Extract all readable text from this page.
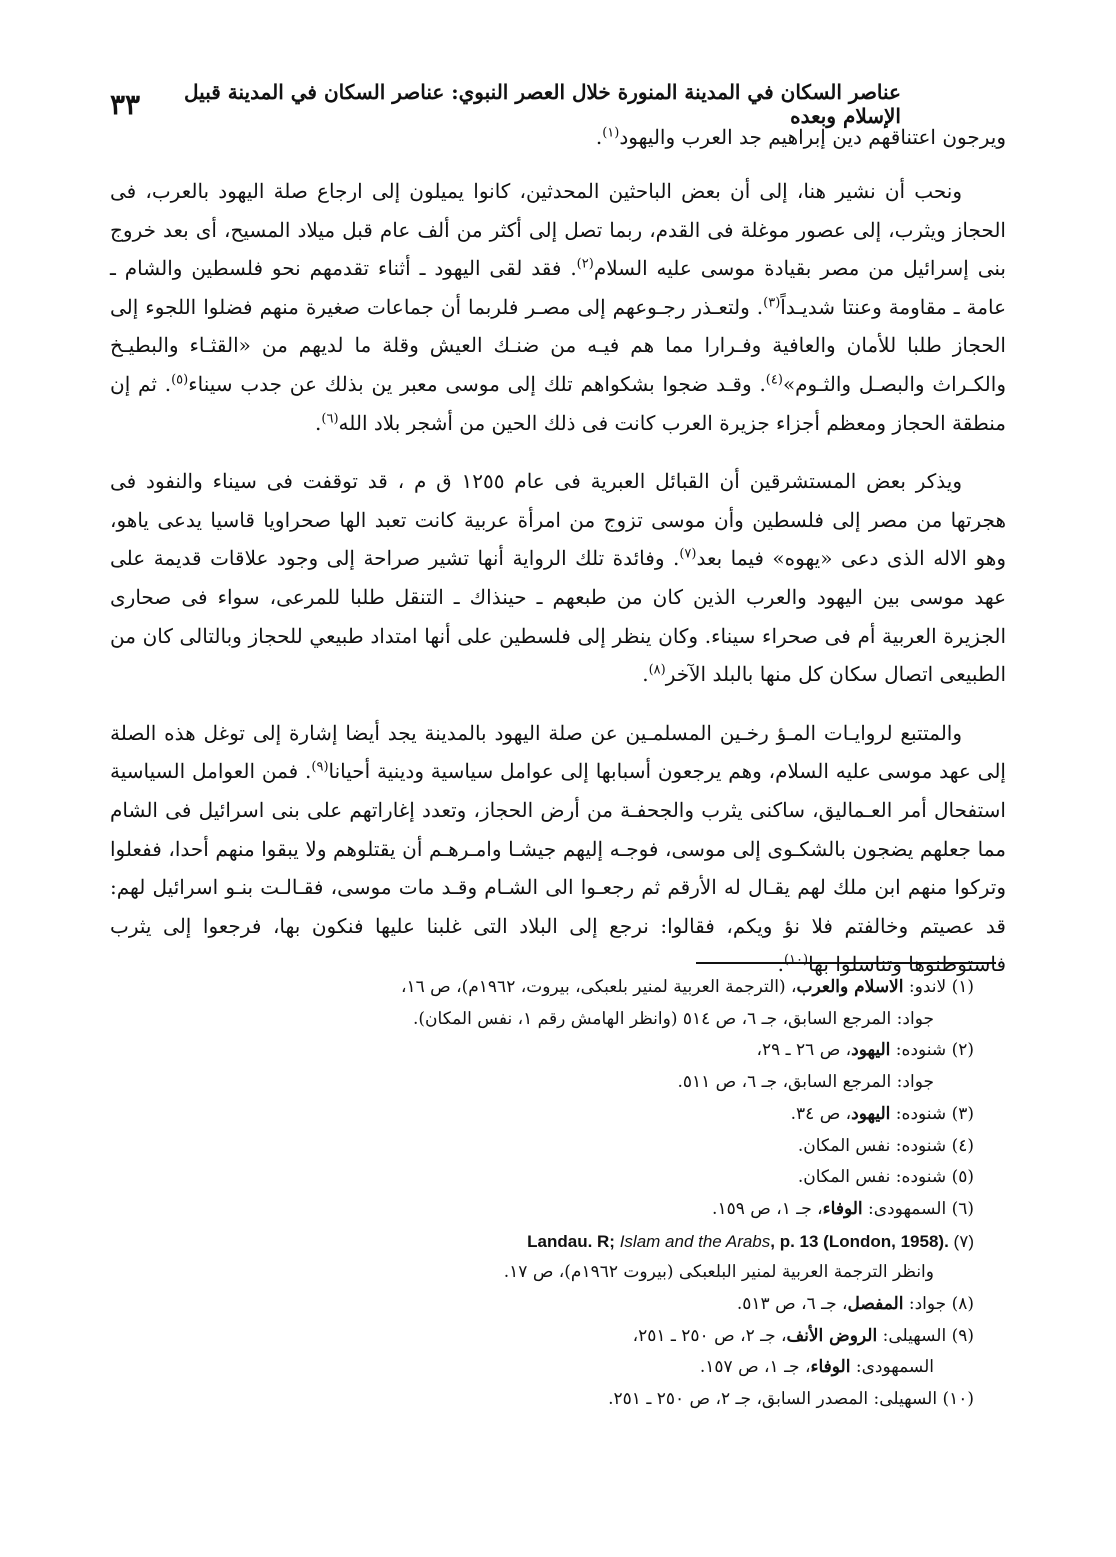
عناصر السكان في المدينة المنورة خلال العصر النبوي: عناصر السكان في المدينة قبيل الإسلام وبعده
٣٣
ويرجون اعتناقهم دين إبراهيم جد العرب واليهود$^{(١)}$.

ونحب أن نشير هنا، إلى أن بعض الباحثين المحدثين، كانوا يميلون إلى ارجاع صلة اليهود بالعرب، فى الحجاز ويثرب، إلى عصور موغلة فى القدم، ربما تصل إلى أكثر من ألف عام قبل ميلاد المسيح، أى بعد خروج بنى إسرائيل من مصر بقيادة موسى عليه السلام$^{(٢)}$. فقد لقى اليهود ـ أثناء تقدمهم نحو فلسطين والشام ـ عامة ـ مقاومة وعنتا شديـداً$^{(٣)}$. ولتعـذر رجـوعهم إلى مصـر فلربما أن جماعات صغيرة منهم فضلوا اللجوء إلى الحجاز طلبا للأمان والعافية وفـرارا مما هم فيـه من ضنـك العيش وقلة ما لديهم من «القثـاء والبطيـخ والكـراث والبصـل والثـوم»$^{(٤)}$. وقـد ضجوا بشكواهم تلك إلى موسى معبر ين بذلك عن جدب سيناء$^{(٥)}$. ثم إن منطقة الحجاز ومعظم أجزاء جزيرة العرب كانت فى ذلك الحين من أشجر بلاد الله$^{(٦)}$.

ويذكر بعض المستشرقين أن القبائل العبرية فى عام ١٢٥٥ ق م ، قد توقفت فى سيناء والنفود فى هجرتها من مصر إلى فلسطين وأن موسى تزوج من امرأة عربية كانت تعبد الها صحراويا قاسيا يدعى ياهو، وهو الاله الذى دعى «يهوه» فيما بعد$^{(٧)}$. وفائدة تلك الرواية أنها تشير صراحة إلى وجود علاقات قديمة على عهد موسى بين اليهود والعرب الذين كان من طبعهم ـ حينذاك ـ التنقل طلبا للمرعى، سواء فى صحارى الجزيرة العربية أم فى صحراء سيناء. وكان ينظر إلى فلسطين على أنها امتداد طبيعي للحجاز وبالتالى كان من الطبيعى اتصال سكان كل منها بالبلد الآخر$^{(٨)}$.

والمتتبع لروايـات المـؤ رخـين المسلمـين عن صلة اليهود بالمدينة يجد أيضا إشارة إلى توغل هذه الصلة إلى عهد موسى عليه السلام، وهم يرجعون أسبابها إلى عوامل سياسية ودينية أحيانا$^{(٩)}$. فمن العوامل السياسية استفحال أمر العـماليق، ساكنى يثرب والجحفـة من أرض الحجاز، وتعدد إغاراتهم على بنى اسرائيل فى الشام مما جعلهم يضجون بالشكـوى إلى موسى، فوجـه إليهم جيشـا وامـرهـم أن يقتلوهم ولا يبقوا منهم أحدا، ففعلوا وتركوا منهم ابن ملك لهم يقـال له الأرقم ثم رجعـوا الى الشـام وقـد مات موسى، فقـالـت بنـو اسرائيل لهم: قد عصيتم وخالفتم فلا نؤ ويكم، فقالوا: نرجع إلى البلاد التى غلبنا عليها فنكون بها، فرجعوا إلى يثرب فاستوطنوها وتناسلوا بها$^{(١٠)}$.

(١) لاندو: الاسلام والعرب، (الترجمة العربية لمنير بلعبكى، بيروت، ١٩٦٢م)، ص ١٦،
جواد: المرجع السابق، جـ ٦، ص ٥١٤ (وانظر الهامش رقم ١، نفس المكان).
(٢) شنوده: اليهود، ص ٢٦ ـ ٢٩،
جواد: المرجع السابق، جـ ٦، ص ٥١١.
(٣) شنوده: اليهود، ص ٣٤.
(٤) شنوده: نفس المكان.
(٥) شنوده: نفس المكان.
(٦) السمهودى: الوفاء، جـ ١، ص ١٥٩.
Landau. R; Islam and the Arabs, p. 13 (London, 1958). (٧)
وانظر الترجمة العربية لمنير البلعبكى (بيروت ١٩٦٢م)، ص ١٧.
(٨) جواد: المفصل، جـ ٦، ص ٥١٣.
(٩) السهيلى: الروض الأنف، جـ ٢، ص ٢٥٠ ـ ٢٥١،
السمهودى: الوفاء، جـ ١، ص ١٥٧.
(١٠) السهيلى: المصدر السابق، جـ ٢، ص ٢٥٠ ـ ٢٥١.
